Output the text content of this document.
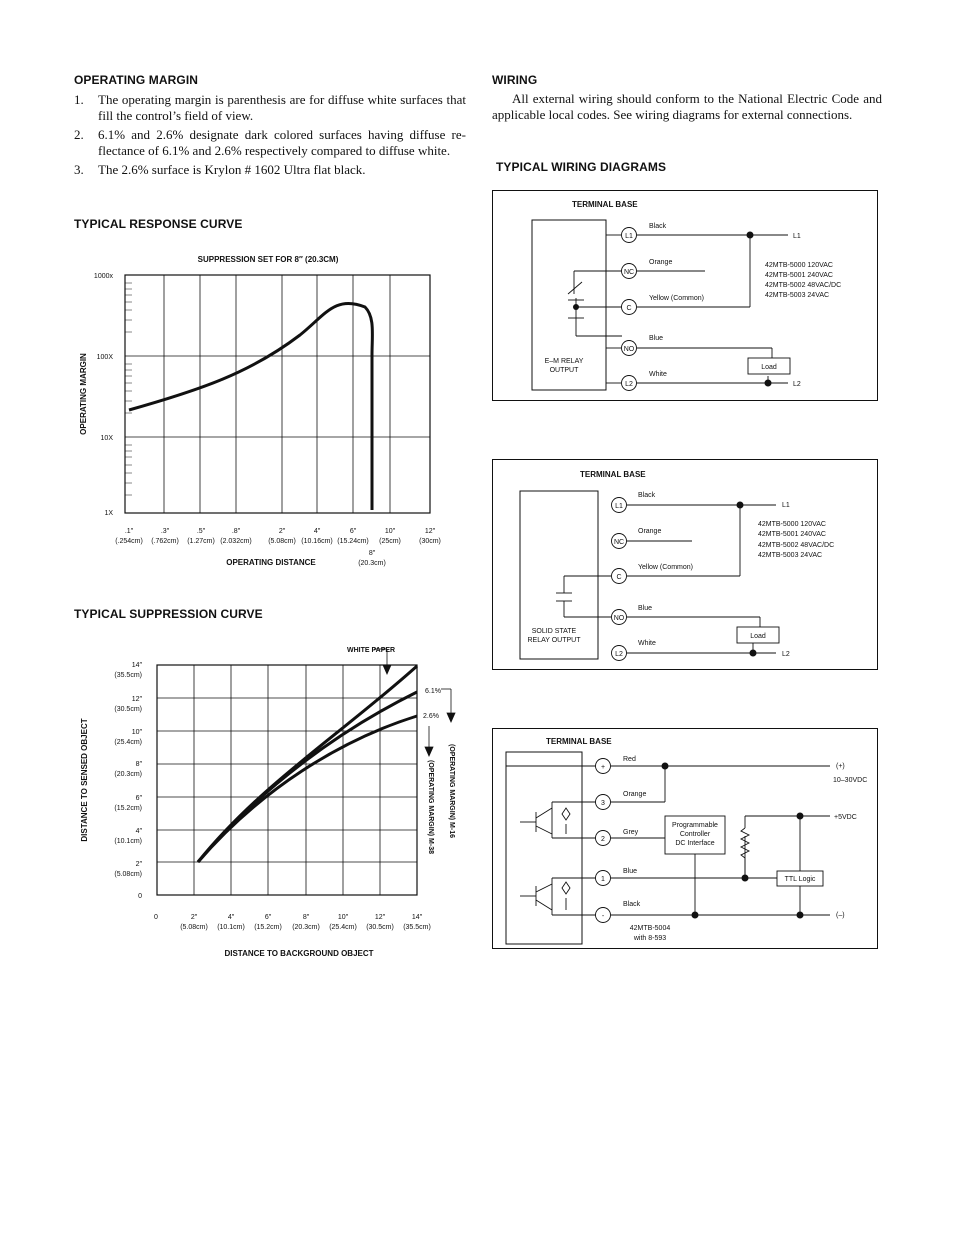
OPERATING MARGIN
1. The operating margin is parenthesis are for diffuse white surfaces that fill the control’s field of view.
2. 6.1% and 2.6% designate dark colored surfaces having diffuse re-flectance of 6.1% and 2.6% respectively compared to diffuse white.
3. The 2.6% surface is Krylon # 1602 Ultra flat black.
TYPICAL RESPONSE CURVE
TYPICAL SUPPRESSION CURVE
SUPPRESSION SET FOR 8″ (20.3CM)
1000x
100X
10X
1X
OPERATING MARGIN
.1″
(.254cm)
.3″
(.762cm)
.5″
(1.27cm)
.8″
(2.032cm)
2″
(5.08cm)
4″
(10.16cm)
6″
(15.24cm)
10″
(25cm)
12″
(30cm)
8″
(20.3cm)
OPERATING DISTANCE
14″
(35.5cm)
12″
(30.5cm)
10″
(25.4cm)
8″
(20.3cm)
6″
(15.2cm)
4″
(10.1cm)
2″
(5.08cm)
0
DISTANCE TO SENSED OBJECT
0	2″
(5.08cm)
4″
(10.1cm)
6″
(15.2cm)
8″
(20.3cm)
10″
(25.4cm)
12″
(30.5cm)
14″
(35.5cm)
DISTANCE TO BACKGROUND OBJECT
WHITE PAPER
6.1%
2.6%
(OPERATING MARGIN) M-16
(OPERATING MARGIN) M-38
WIRING
All external wiring should conform to the National Electric Code and applicable local codes. See wiring diagrams for external connections.
TYPICAL WIRING DIAGRAMS
TERMINAL BASE
E–M RELAY
OUTPUT
L1
NC
C
NO
L2
Load
Black
Orange
Yellow (Common)
Blue
White
L1
L2
42MTB-5000 120VAC
42MTB-5001 240VAC
42MTB-5002 48VAC/DC
42MTB-5003 24VAC
TERMINAL BASE
SOLID STATE
RELAY OUTPUT
L1
NC
C
NO
L2
Load
Black
Orange
Yellow (Common)
Blue
White
L1
L2
42MTB-5000 120VAC
42MTB-5001 240VAC
42MTB-5002 48VAC/DC
42MTB-5003 24VAC
TERMINAL BASE
+
3
2
1
-
Programmable
Controller
DC Interface
TTL Logic
Red
Orange
Grey
Blue
Black
(+)
10–30VDC
+5VDC
(–)
42MTB-5004
with 8-593
